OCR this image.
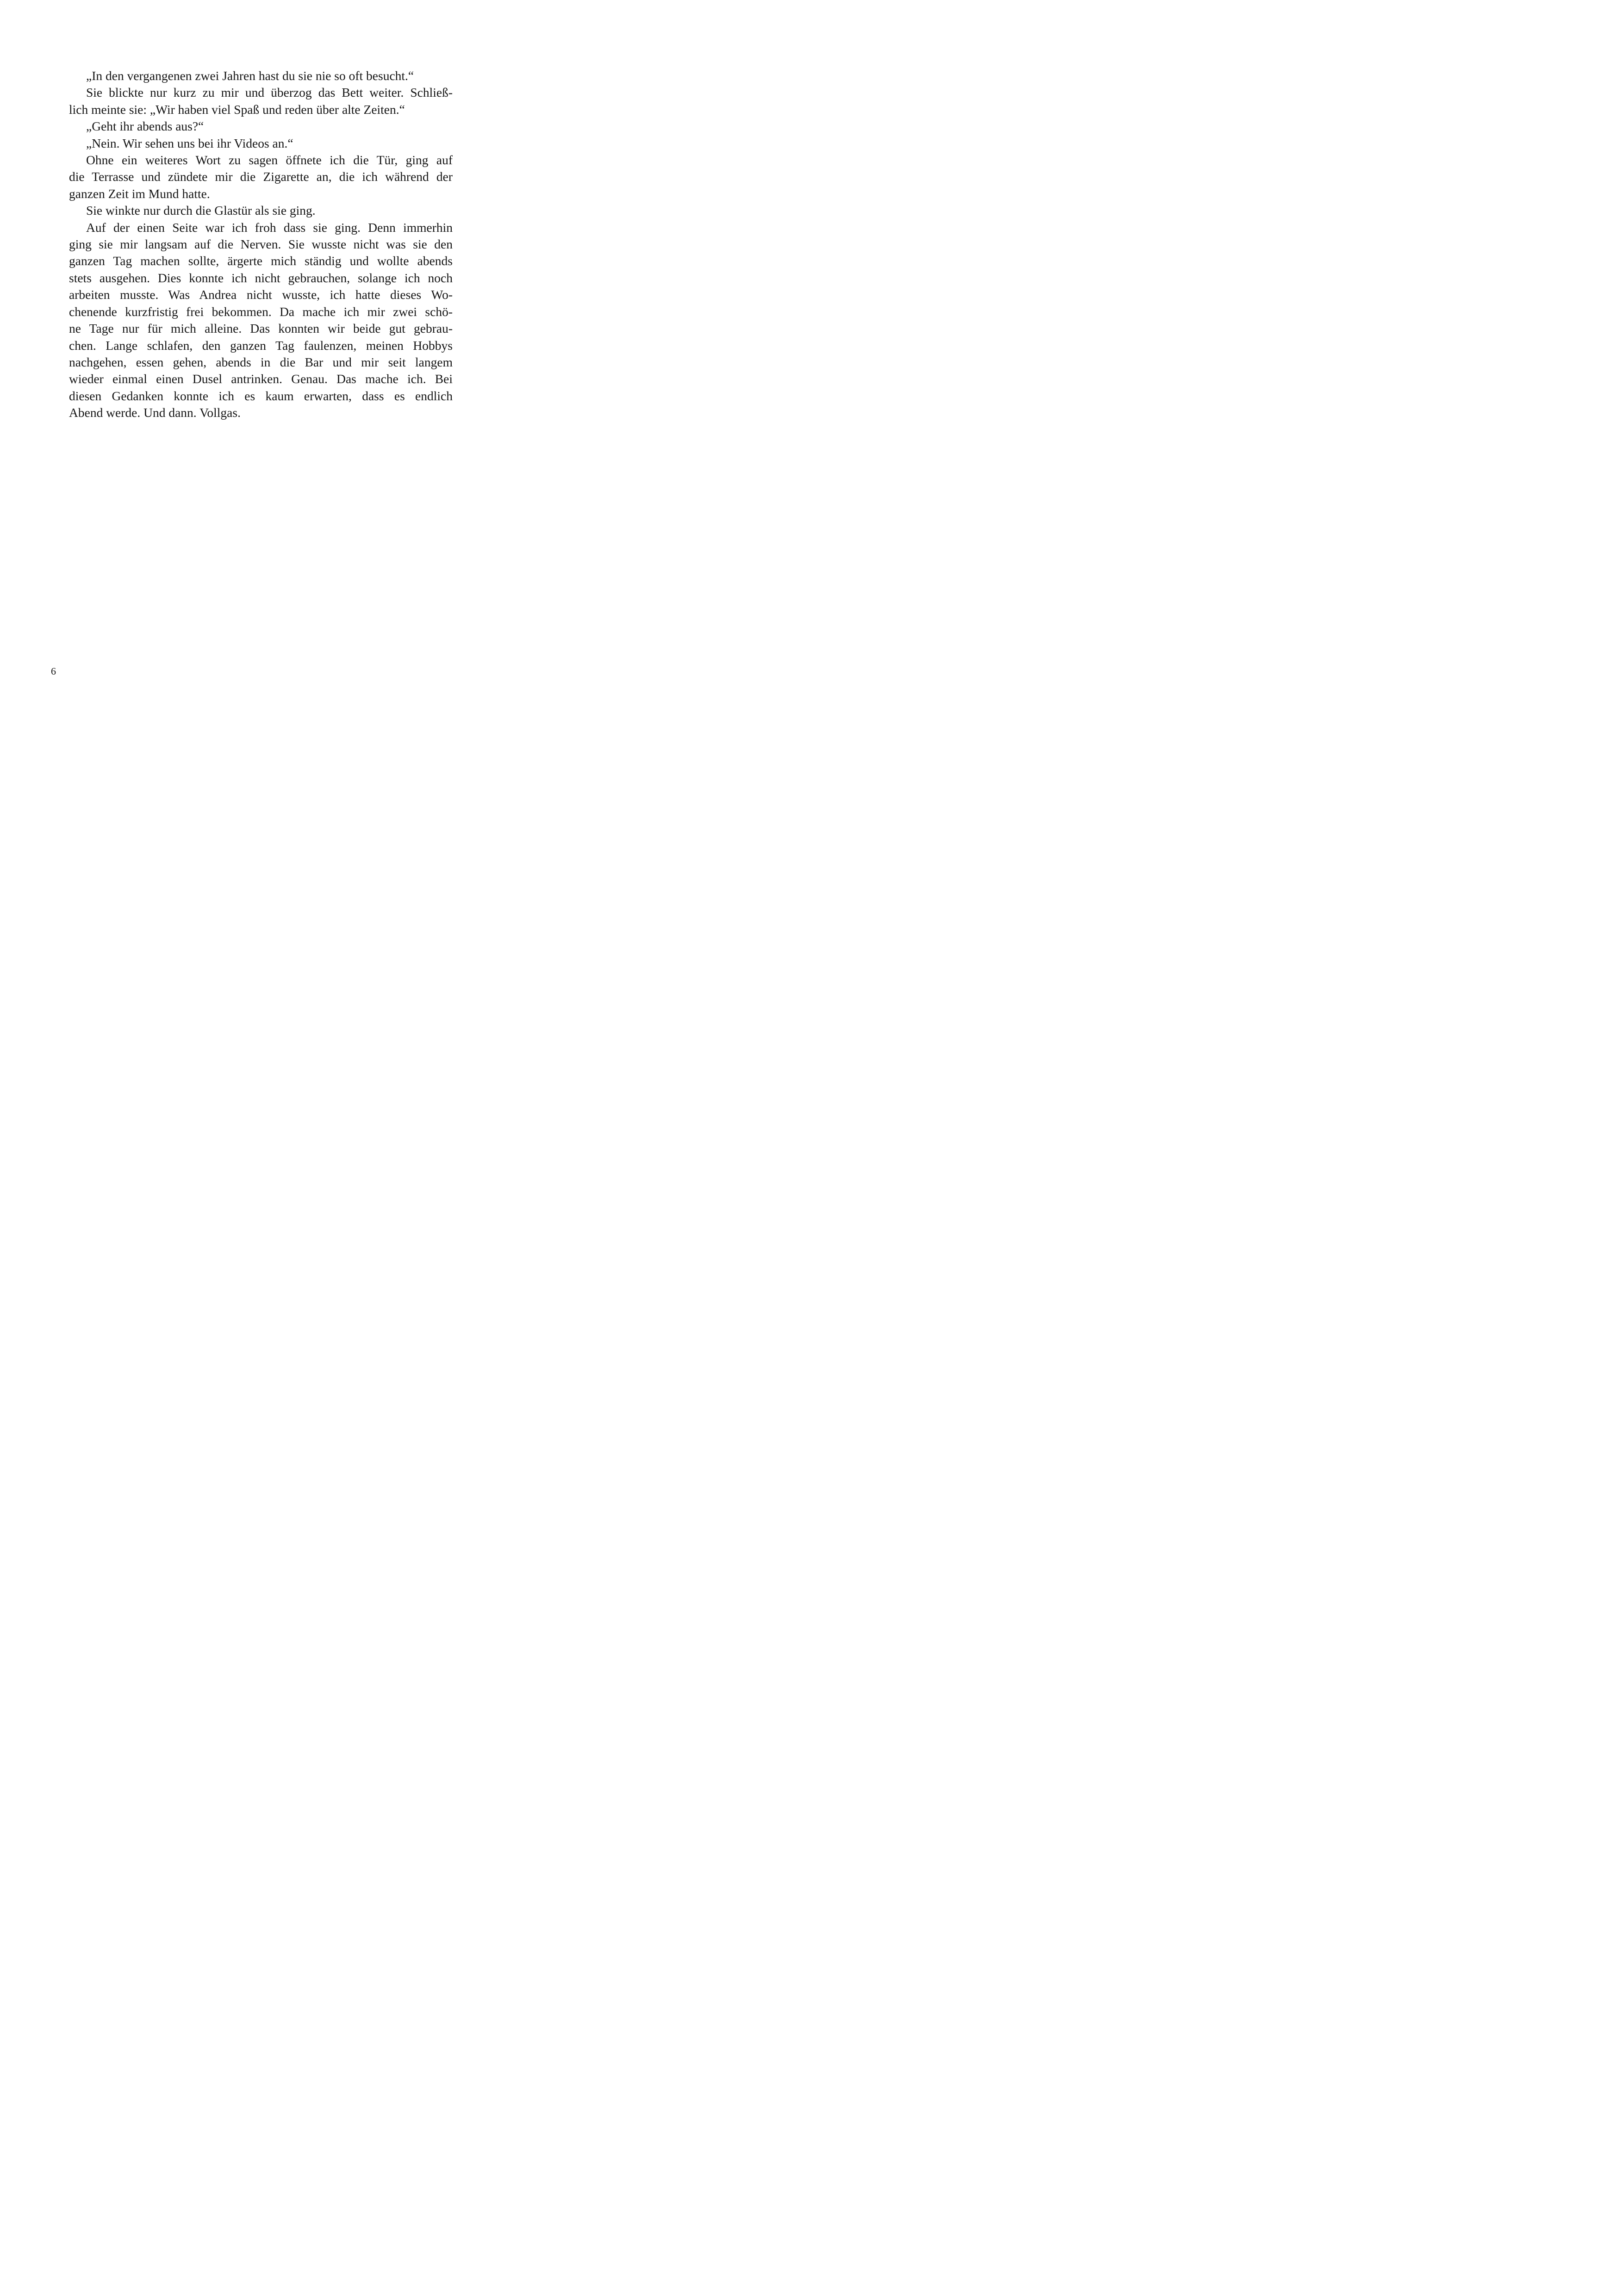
„In den vergangenen zwei Jahren hast du sie nie so oft besucht.“

Sie blickte nur kurz zu mir und überzog das Bett weiter. Schließ-
lich meinte sie: „Wir haben viel Spaß und reden über alte Zeiten.“

„Geht ihr abends aus?“

„Nein. Wir sehen uns bei ihr Videos an.“

Ohne ein weiteres Wort zu sagen öffnete ich die Tür, ging auf
die Terrasse und zündete mir die Zigarette an, die ich während der
ganzen Zeit im Mund hatte.

Sie winkte nur durch die Glastür als sie ging.

Auf der einen Seite war ich froh dass sie ging. Denn immerhin
ging sie mir langsam auf die Nerven. Sie wusste nicht was sie den
ganzen Tag machen sollte, ärgerte mich ständig und wollte abends
stets ausgehen. Dies konnte ich nicht gebrauchen, solange ich noch
arbeiten musste. Was Andrea nicht wusste, ich hatte dieses Wo-
chenende kurzfristig frei bekommen. Da mache ich mir zwei schö-
ne Tage nur für mich alleine. Das konnten wir beide gut gebrau-
chen. Lange schlafen, den ganzen Tag faulenzen, meinen Hobbys
nachgehen, essen gehen, abends in die Bar und mir seit langem
wieder einmal einen Dusel antrinken. Genau. Das mache ich. Bei
diesen Gedanken konnte ich es kaum erwarten, dass es endlich
Abend werde. Und dann. Vollgas.

6
